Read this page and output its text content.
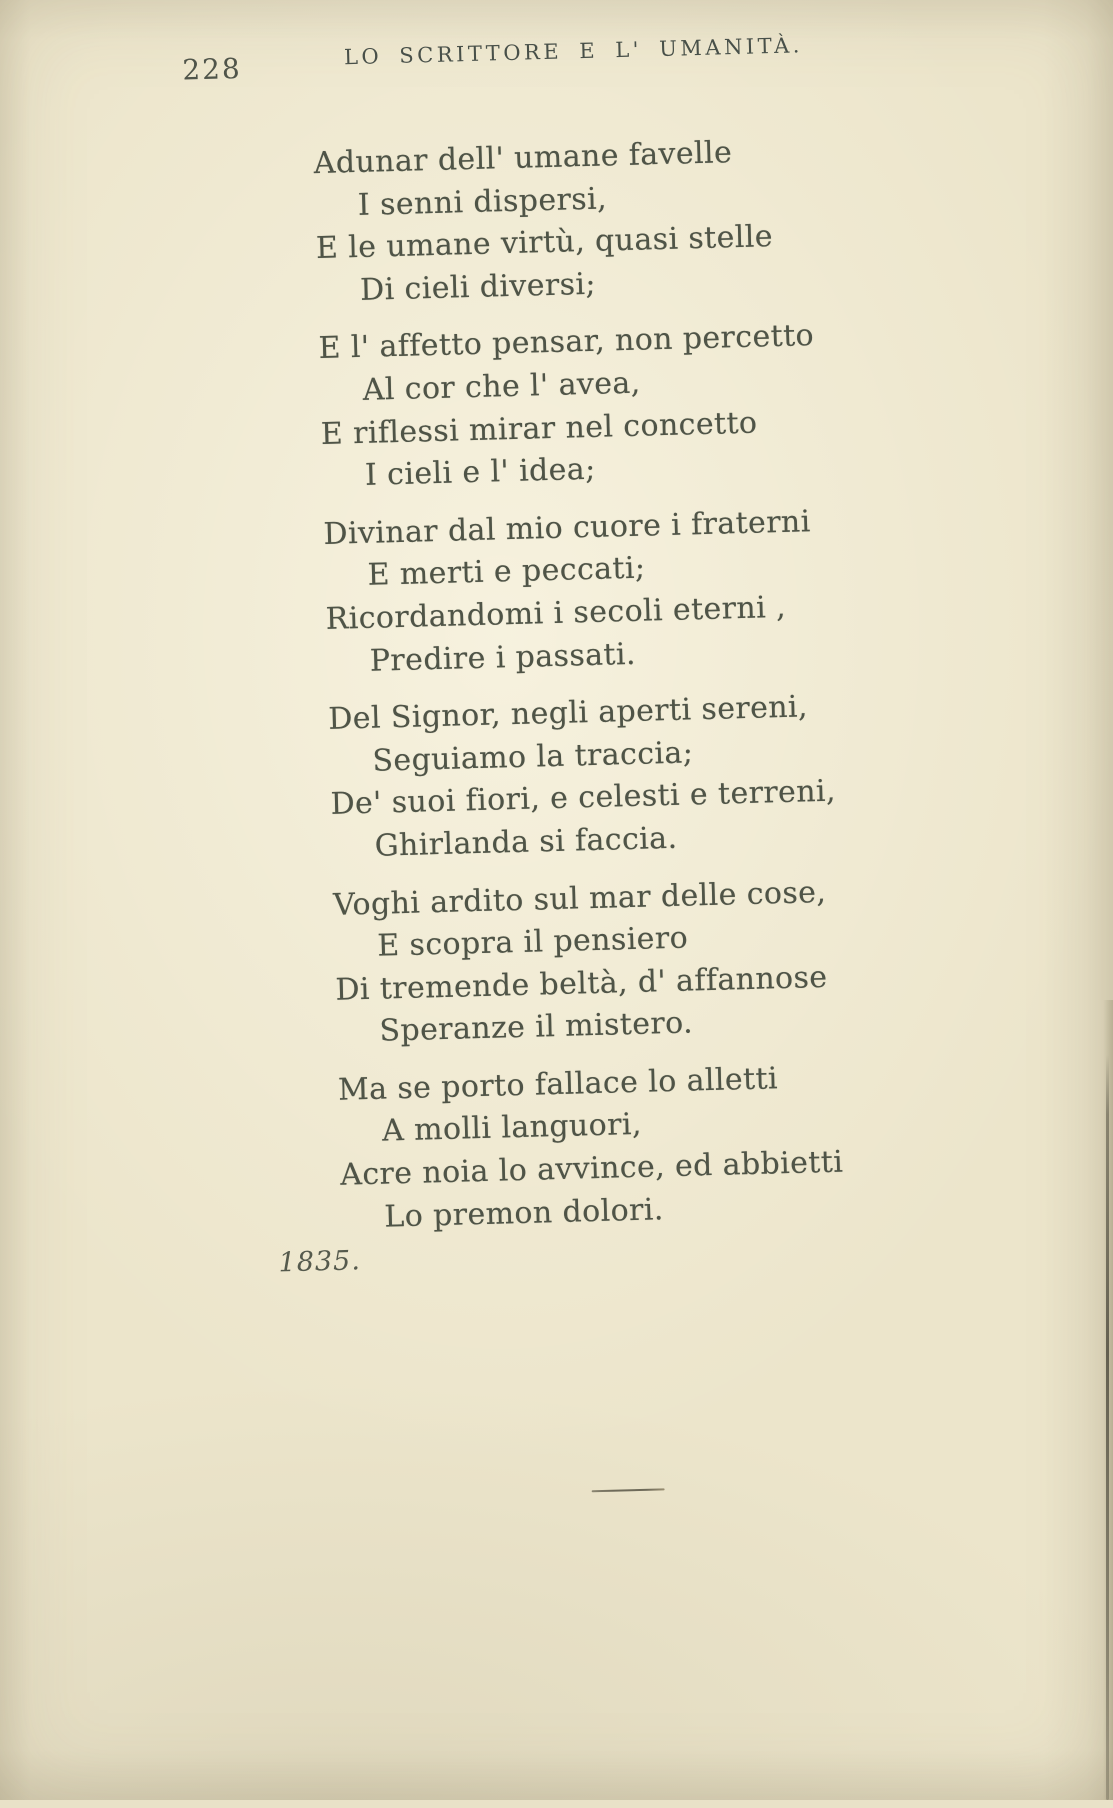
228	LO SCRITTORE E L' UMANITÀ.
Adunar dell' umane favelle
I senni dispersi,
E le umane virtù, quasi stelle
Di cieli diversi;
E l' affetto pensar, non percetto
Al cor che l' avea,
E riflessi mirar nel concetto
I cieli e l' idea;
Divinar dal mio cuore i fraterni
E merti e peccati;
Ricordandomi i secoli eterni ,
Predire i passati.
Del Signor, negli aperti sereni,
Seguiamo la traccia;
De' suoi fiori, e celesti e terreni,
Ghirlanda si faccia.
Voghi ardito sul mar delle cose,
E scopra il pensiero
Di tremende beltà, d' affannose
Speranze il mistero.
Ma se porto fallace lo alletti
A molli languori,
Acre noia lo avvince, ed abbietti
Lo premon dolori.
1835.
